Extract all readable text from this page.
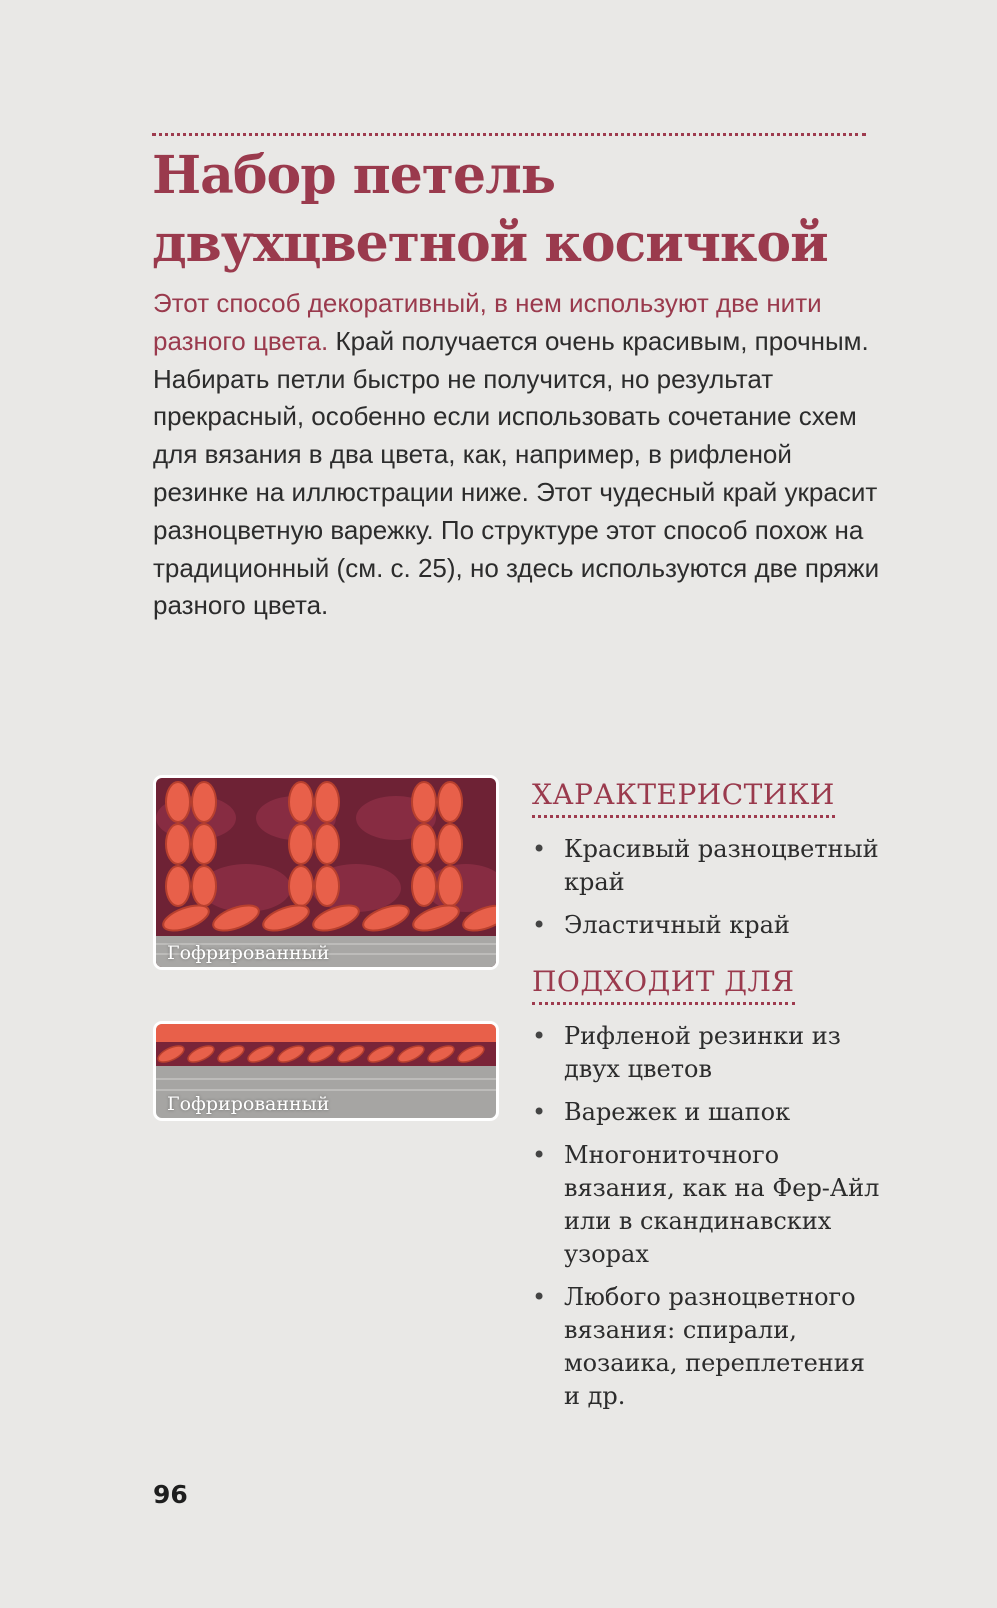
Набор петель двухцветной косичкой

Этот способ декоративный, в нем используют две нити разного цвета. Край получается очень красивым, прочным. Набирать петли быстро не получится, но результат прекрасный, особенно если использовать сочетание схем для вязания в два цвета, как, например, в рифленой резинке на иллюстрации ниже. Этот чудесный край украсит разноцветную варежку. По структуре этот способ похож на традиционный (см. с. 25), но здесь используются две пряжи разного цвета.

Гофрированный
Гофрированный
ХАРАКТЕРИСТИКИ
• Красивый разноцветный край
• Эластичный край
ПОДХОДИТ ДЛЯ
• Рифленой резинки из двух цветов
• Варежек и шапок
• Многониточного вязания, как на Фер-Айл или в скандинавских узорах
• Любого разноцветного вязания: спирали, мозаика, переплетения и др.
96
